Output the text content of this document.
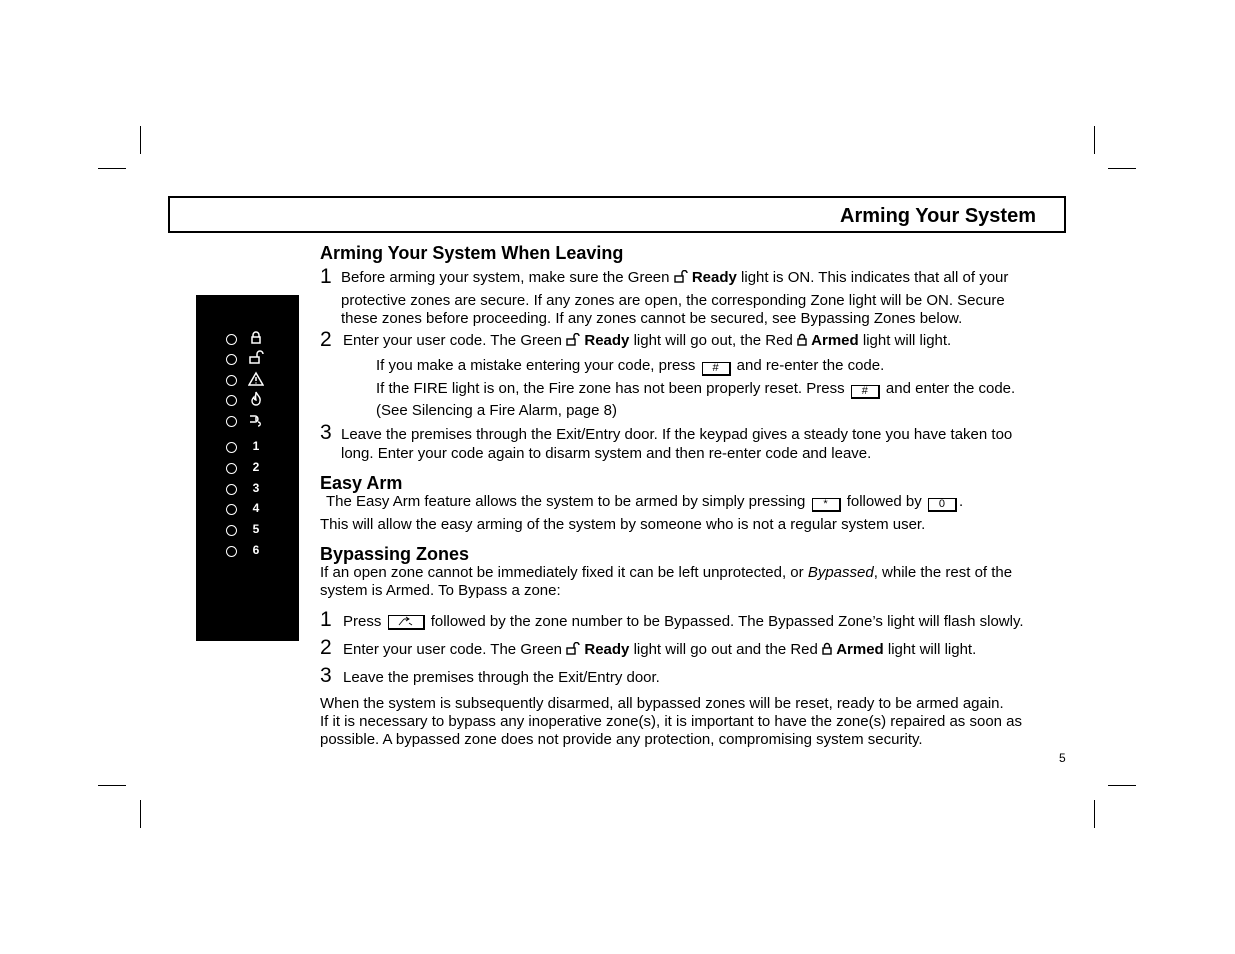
Arming Your System
1
2
3
4
5
6
Arming Your System When Leaving
1 Before arming your system, make sure the Green Ready light is ON. This indicates that all of your
protective zones are secure. If any zones are open, the corresponding Zone light will be ON. Secure
these zones before proceeding. If any zones cannot be secured, see Bypassing Zones below.
2 Enter your user code. The Green Ready light will go out, the Red Armed light will light.
If you make a mistake entering your code, press # and re-enter the code.
If the FIRE light is on, the Fire zone has not been properly reset. Press # and enter the code.
(See Silencing a Fire Alarm, page 8)
3 Leave the premises through the Exit/Entry door. If the keypad gives a steady tone you have taken too
long. Enter your code again to disarm system and then re-enter code and leave.
Easy Arm
The Easy Arm feature allows the system to be armed by simply pressing * followed by 0 .
This will allow the easy arming of the system by someone who is not a regular system user.
Bypassing Zones
If an open zone cannot be immediately fixed it can be left unprotected, or Bypassed, while the rest of the
system is Armed. To Bypass a zone:
1 Press	followed by the zone number to be Bypassed. The Bypassed Zone’s light will flash slowly.
2 Enter your user code. The Green Ready light will go out and the Red Armed light will light.
3 Leave the premises through the Exit/Entry door.
When the system is subsequently disarmed, all bypassed zones will be reset, ready to be armed again.
If it is necessary to bypass any inoperative zone(s), it is important to have the zone(s) repaired as soon as
possible. A bypassed zone does not provide any protection, compromising system security.
5
